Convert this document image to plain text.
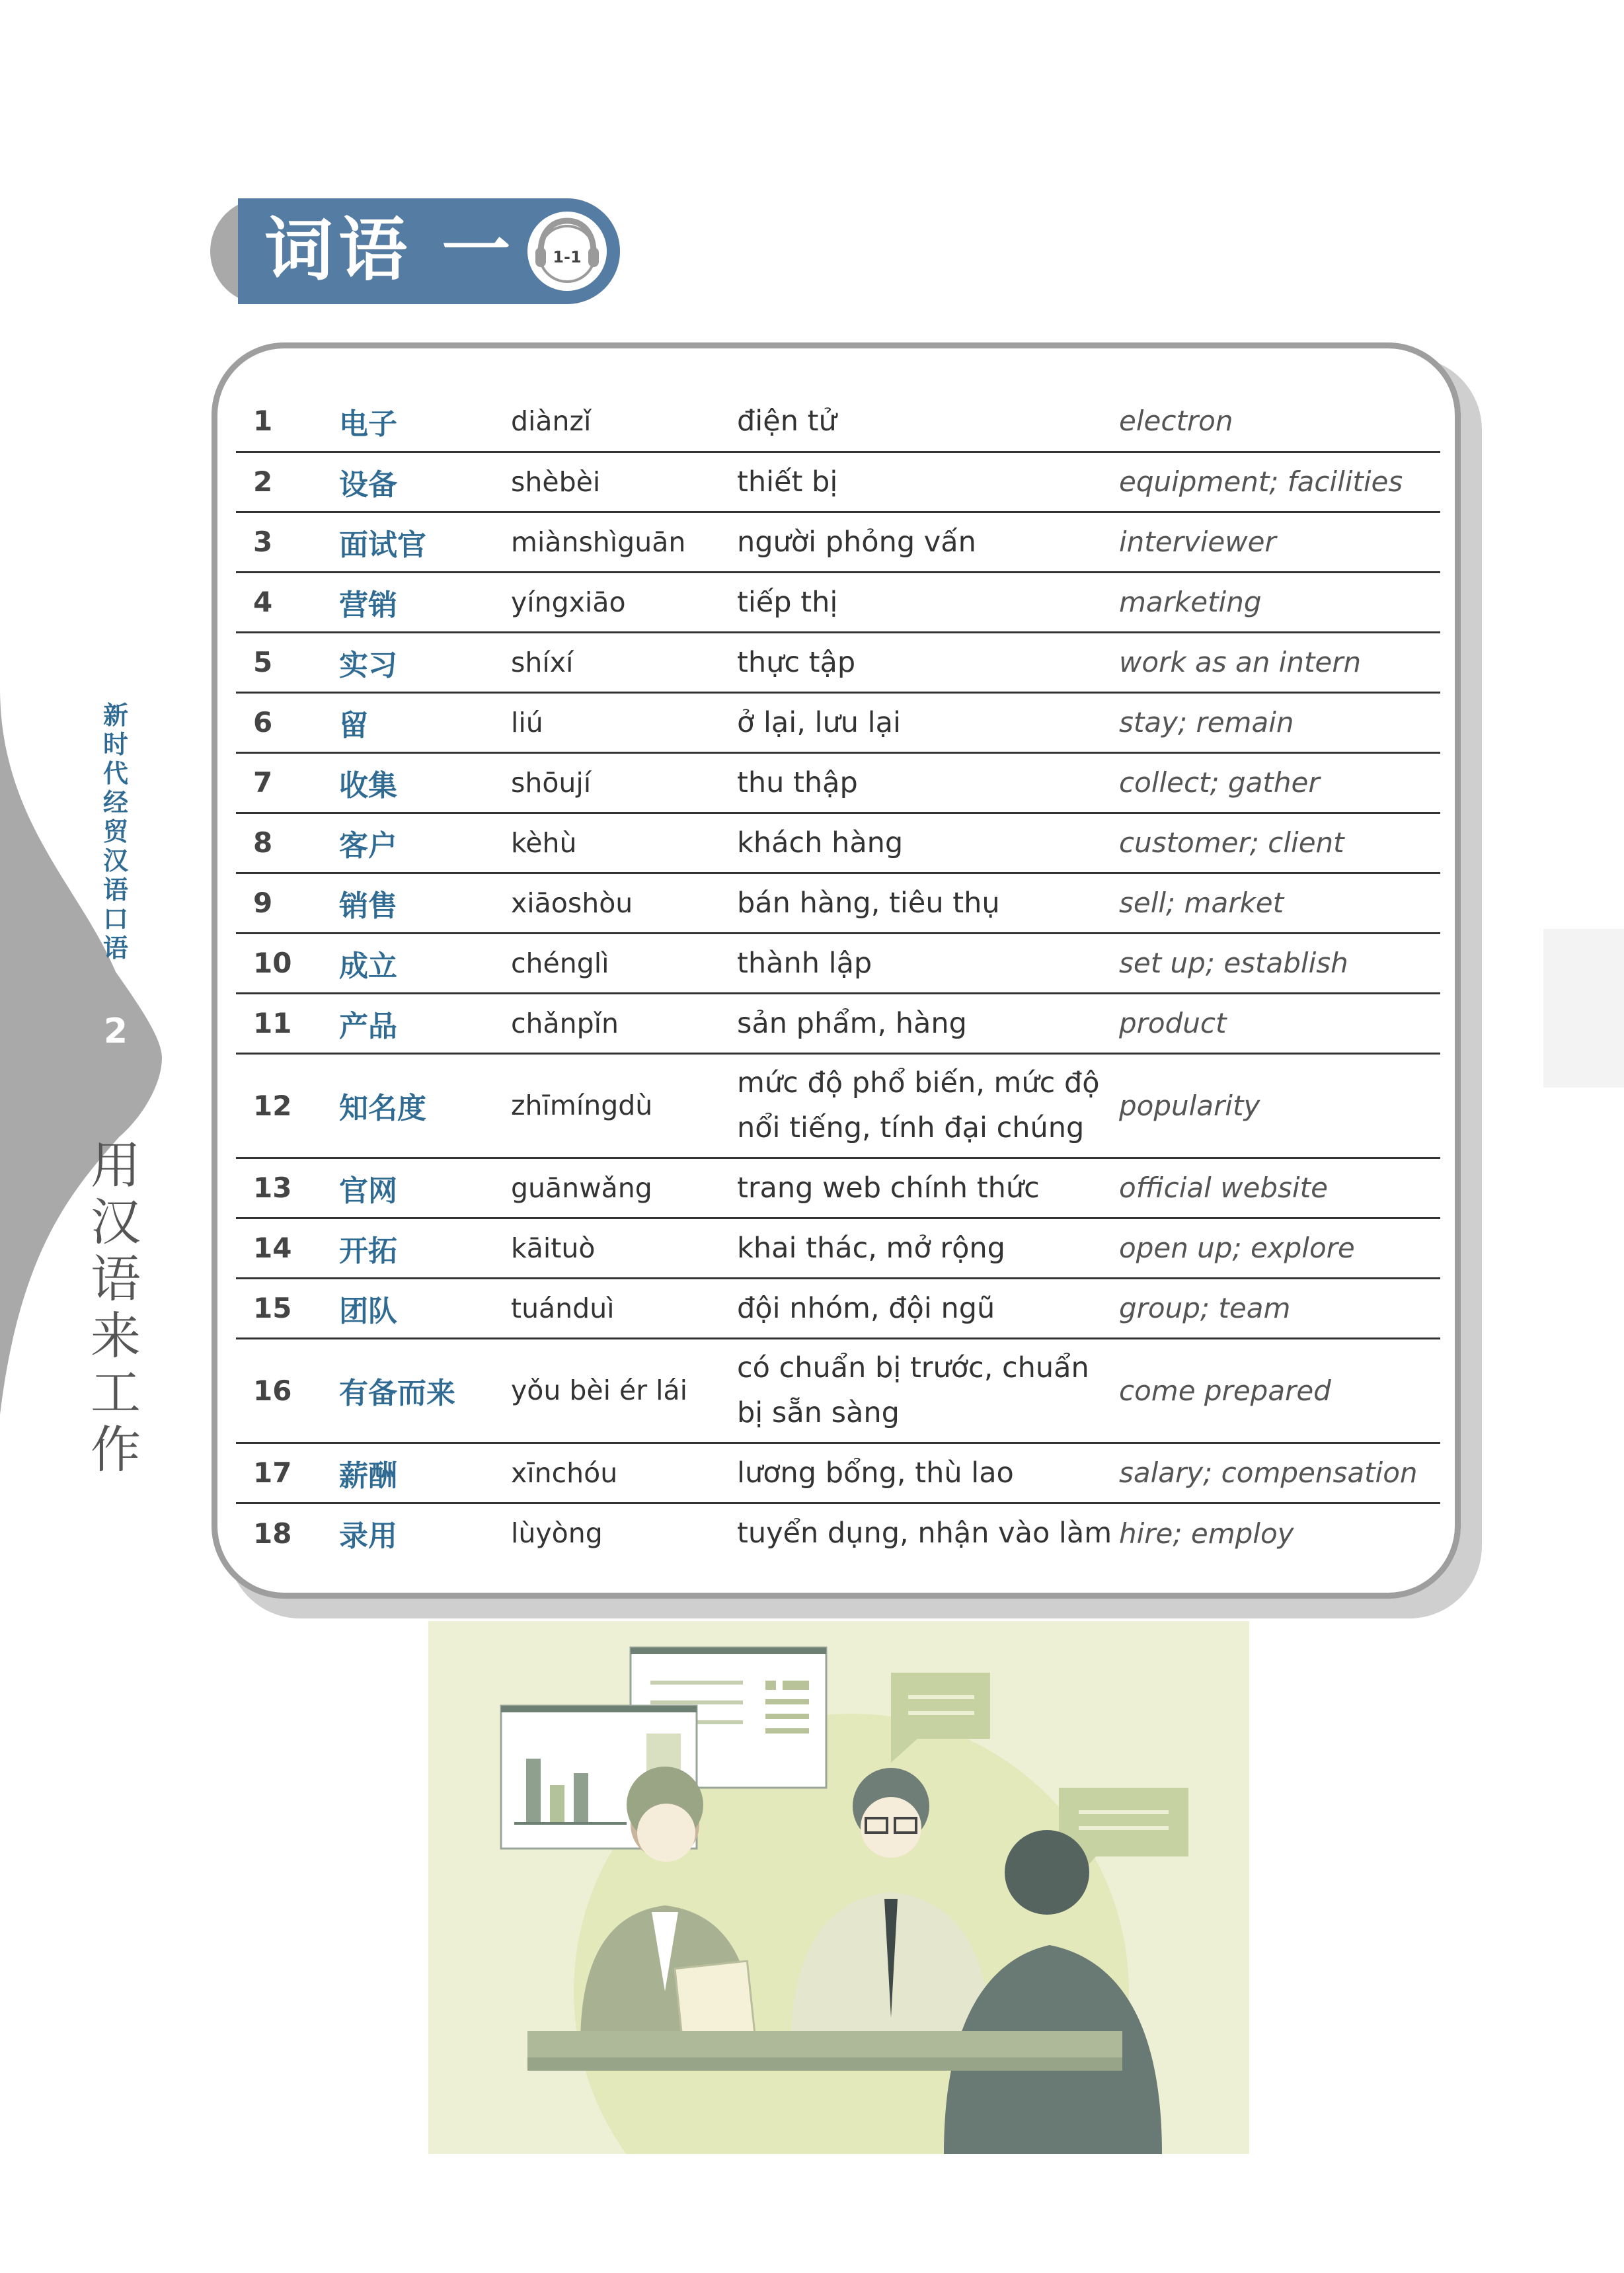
新时代经贸汉语口语
2
用汉语来工作
词语 一 1-1
1	电子	diànzǐ	điện tử	electron
2	设备	shèbèi	thiết bị	equipment; facilities
3	面试官	miànshìguān	người phỏng vấn	interviewer
4	营销	yíngxiāo	tiếp thị	marketing
5	实习	shíxí	thực tập	work as an intern
6	留	liú	ở lại, lưu lại	stay; remain
7	收集	shōují	thu thập	collect; gather
8	客户	kèhù	khách hàng	customer; client
9	销售	xiāoshòu	bán hàng, tiêu thụ	sell; market
10	成立	chénglì	thành lập	set up; establish
11	产品	chǎnpǐn	sản phẩm, hàng	product
12	知名度	zhīmíngdù	mức độ phổ biến, mức độ nổi tiếng, tính đại chúng	popularity
13	官网	guānwǎng	trang web chính thức	official website
14	开拓	kāituò	khai thác, mở rộng	open up; explore
15	团队	tuánduì	đội nhóm, đội ngũ	group; team
16	有备而来	yǒu bèi ér lái	có chuẩn bị trước, chuẩn bị sẵn sàng	come prepared
17	薪酬	xīnchóu	lương bổng, thù lao	salary; compensation
18	录用	lùyòng	tuyển dụng, nhận vào làm	hire; employ
